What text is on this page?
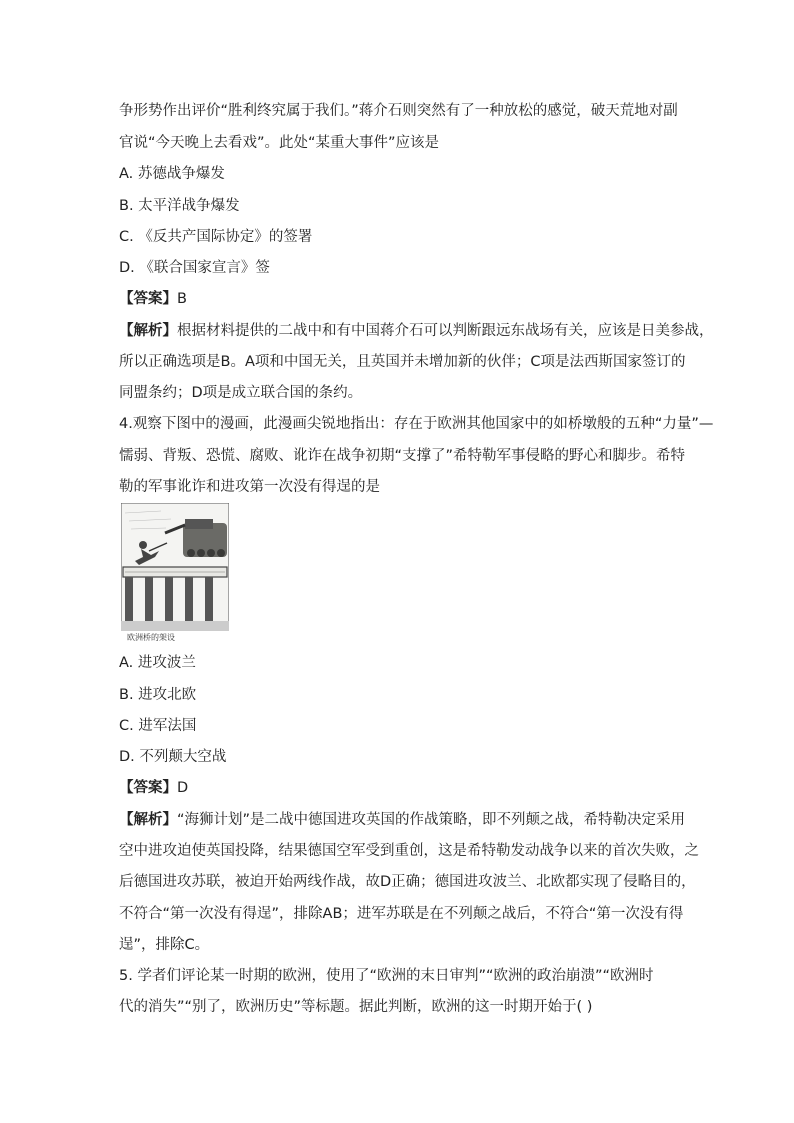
争形势作出评价“胜利终究属于我们。”蒋介石则突然有了一种放松的感觉，破天荒地对副
官说“今天晚上去看戏”。此处“某重大事件”应该是
A. 苏德战争爆发
B. 太平洋战争爆发
C. 《反共产国际协定》的签署
D. 《联合国家宣言》签
【答案】B
【解析】根据材料提供的二战中和有中国蒋介石可以判断跟远东战场有关，应该是日美参战，
所以正确选项是B。A项和中国无关，且英国并未增加新的伙伴；C项是法西斯国家签订的
同盟条约；D项是成立联合国的条约。
4.观察下图中的漫画，此漫画尖锐地指出：存在于欧洲其他国家中的如桥墩般的五种“力量”—
懦弱、背叛、恐慌、腐败、讹诈在战争初期“支撑了”希特勒军事侵略的野心和脚步。希特
勒的军事讹诈和进攻第一次没有得逞的是
欧洲桥的架设
A. 进攻波兰
B. 进攻北欧
C. 进军法国
D. 不列颠大空战
【答案】D
【解析】“海狮计划”是二战中德国进攻英国的作战策略，即不列颠之战，希特勒决定采用
空中进攻迫使英国投降，结果德国空军受到重创，这是希特勒发动战争以来的首次失败，之
后德国进攻苏联，被迫开始两线作战，故D正确；德国进攻波兰、北欧都实现了侵略目的，
不符合“第一次没有得逞”，排除AB；进军苏联是在不列颠之战后，不符合“第一次没有得
逞”，排除C。
5. 学者们评论某一时期的欧洲，使用了“欧洲的末日审判”“欧洲的政治崩溃”“欧洲时
代的消失”“别了，欧洲历史”等标题。据此判断，欧洲的这一时期开始于( )
